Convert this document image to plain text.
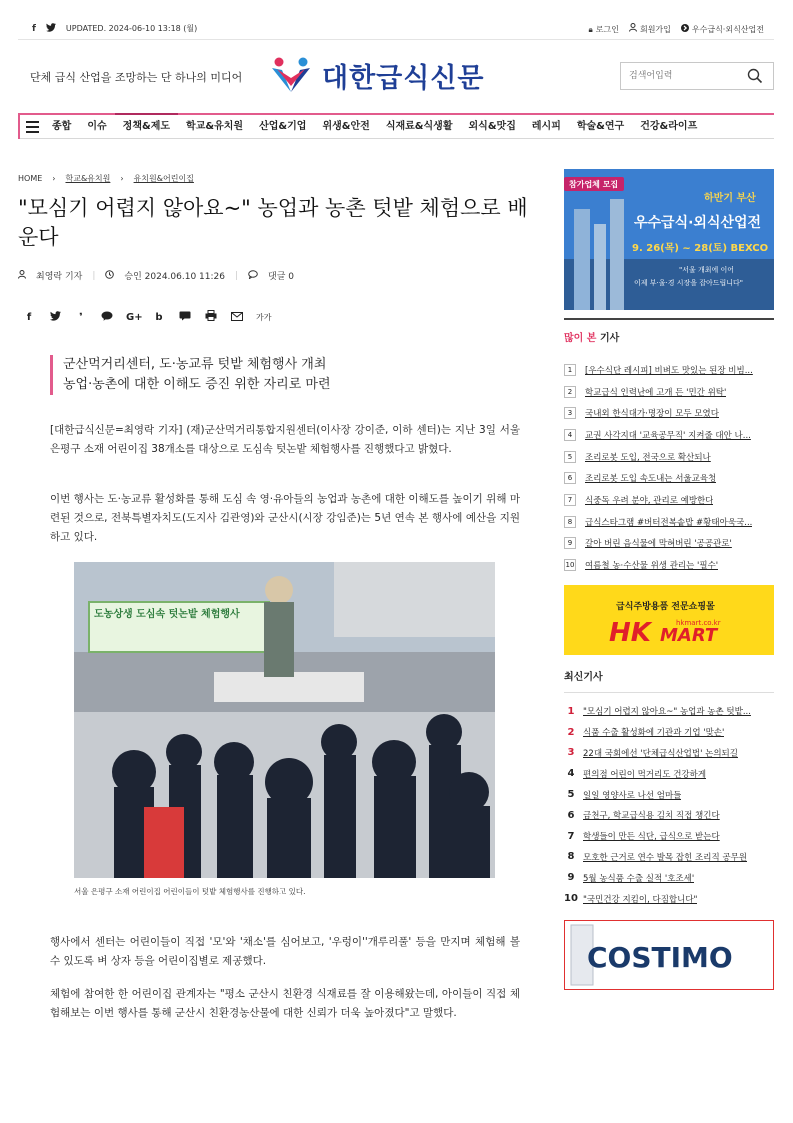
f	UPDATED. 2024-06-10 13:18 (월)	🔒︎ 로그인	회원가입	우수급식·외식산업전
단체 급식 산업을 조망하는 단 하나의 미디어	대한급식신문
검색어입력
종합	이슈	정책&제도	학교&유치원	산업&기업	위생&안전	식재료&식생활	외식&맛집	레시피	학술&연구	건강&라이프
HOME › 학교&유치원 › 유치원&어린이집
"모심기 어렵지 않아요~" 농업과 농촌 텃밭 체험으로 배운다
최영락 기자 |	승인 2024.06.10 11:26 |	댓글 0
f	❜	G+	b	가가
군산먹거리센터, 도·농교류 텃밭 체험행사 개최
농업·농촌에 대한 이해도 증진 위한 자리로 마련

[대한급식신문=최영락 기자] (재)군산먹거리통합지원센터(이사장 강이준, 이하 센터)는 지난 3일 서울 은평구 소재 어린이집 38개소를 대상으로 도심속 텃논밭 체험행사를 진행했다고 밝혔다.

이번 행사는 도·농교류 활성화를 통해 도심 속 영·유아들의 농업과 농촌에 대한 이해도를 높이기 위해 마련된 것으로, 전북특별자치도(도지사 김관영)와 군산시(시장 강임준)는 5년 연속 본 행사에 예산을 지원하고 있다.

도농상생 도심속 텃논밭 체험행사
서울 은평구 소재 어린이집 어린이들이 텃밭 체험행사를 진행하고 있다.

행사에서 센터는 어린이들이 직접 '모'와 '채소'를 심어보고, '우렁이''개루리풀' 등을 만지며 체험해 볼 수 있도록 벼 상자 등을 어린이집별로 제공했다.

체험에 참여한 한 어린이집 관계자는 "평소 군산시 친환경 식재료를 잘 이용해왔는데, 아이들이 직접 체험해보는 이번 행사를 통해 군산시 친환경농산물에 대한 신뢰가 더욱 높아졌다"고 말했다.

참가업체 모집
하반기 부산
우수급식·외식산업전
9. 26(목) ~ 28(토) BEXCO
"서울 개최에 이어
이제 부·울·경 시장을 잡아드립니다"
많이 본 기사
1	[우수식단 레시피] 비벼도 맛있는 된장 비빔...
2	학교급식 인력난에 고개 든 '민간 위탁'
3	국내외 한식대가·명장이 모두 모였다
4	교권 사각지대 '교육공무직' 지켜줄 대안 나...
5	조리로봇 도입, 전국으로 확산되나
6	조리로봇 도입 속도내는 서울교육청
7	식중독 우려 분야, 관리로 예방한다
8	급식스타그램 #버터전복솥밥 #황태아욱국...
9	갈아 버린 음식물에 막혀버린 '공공관로'
10 여름철 농·수산물 위생 관리는 '필수'
급식주방용품 전문쇼핑몰
HK MART
hkmart.co.kr
최신기사
1	"모심기 어렵지 않아요~" 농업과 농촌 텃밭...
2	식품 수출 활성화에 기관과 기업 '맞손'
3	22대 국회에선 '단체급식산업법' 논의되길
4	편의점 어린이 먹거리도 건강하게
5	일일 영양사로 나선 엄마들
6	금천구, 학교급식용 김치 직접 챙긴다
7	학생들이 만든 식단, 급식으로 받는다
8	모호한 근거로 연수 발목 잡힌 조리직 공무원
9	5월 농식품 수출 실적 '호조세'
10 "국민건강 지킴이, 다짐합니다"
COSTIMO
